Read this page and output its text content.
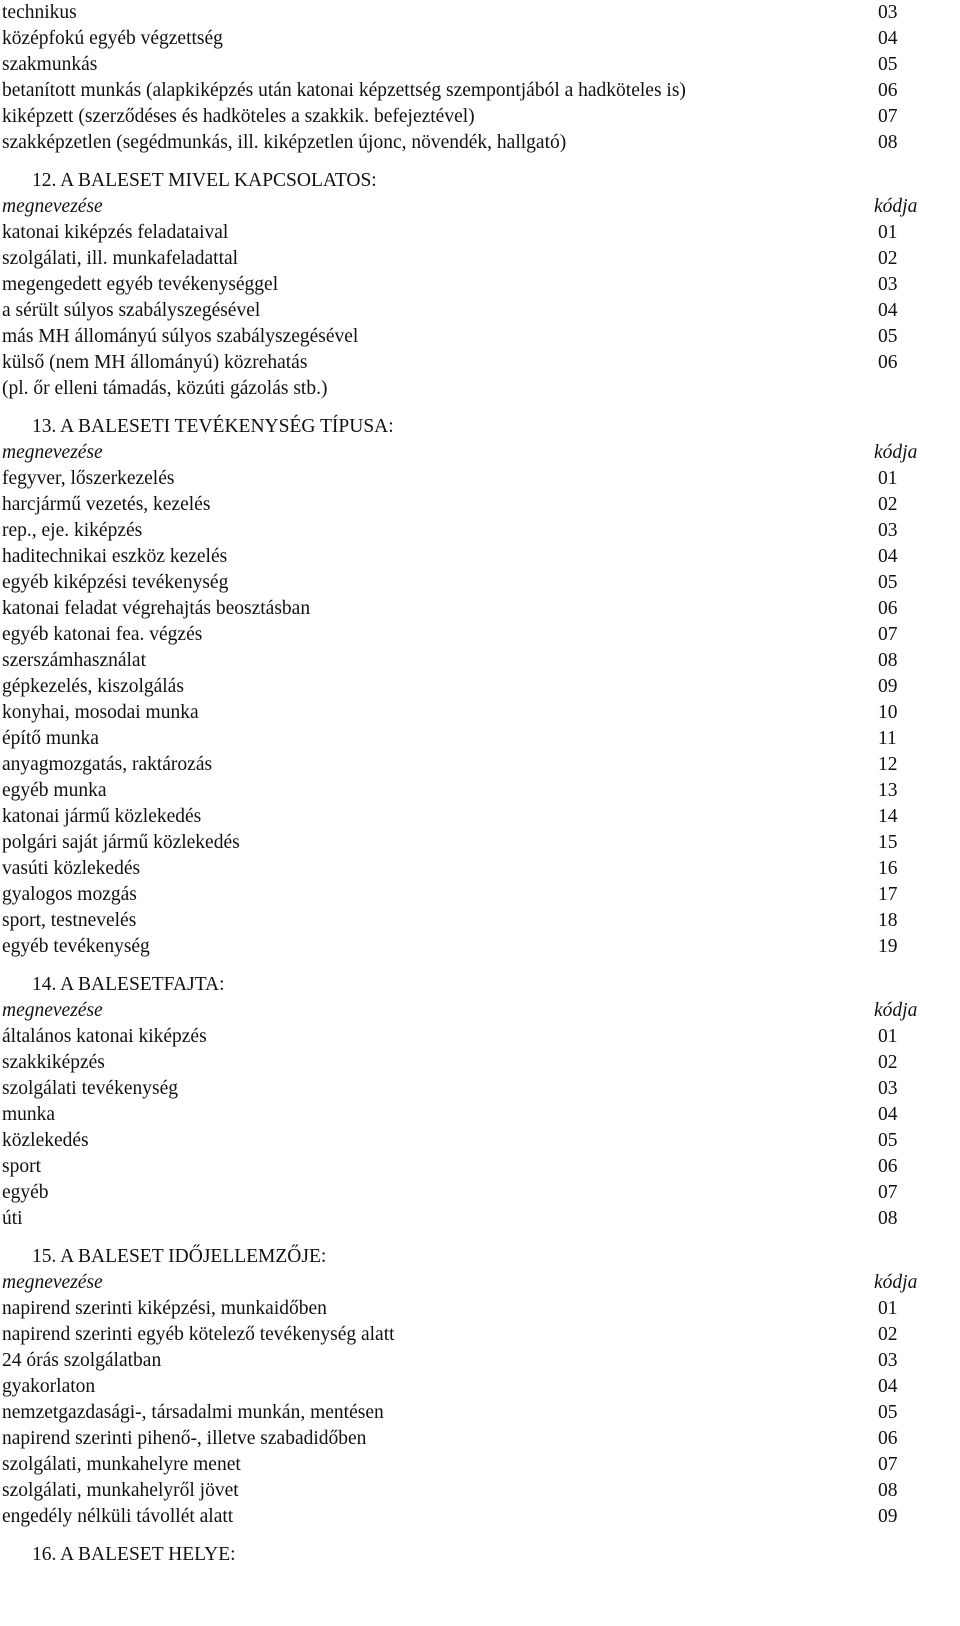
technikus	03
középfokú egyéb végzettség	04
szakmunkás	05
betanított munkás (alapkiképzés után katonai képzettség szempontjából a hadköteles is)	06
kiképzett (szerződéses és hadköteles a szakkik. befejeztével)	07
szakképzetlen (segédmunkás, ill. kiképzetlen újonc, növendék, hallgató)	08
12. A BALESET MIVEL KAPCSOLATOS:
megnevezése	kódja
katonai kiképzés feladataival	01
szolgálati, ill. munkafeladattal	02
megengedett egyéb tevékenységgel	03
a sérült súlyos szabályszegésével	04
más MH állományú súlyos szabályszegésével	05
külső (nem MH állományú) közrehatás	06
(pl. őr elleni támadás, közúti gázolás stb.)
13. A BALESETI TEVÉKENYSÉG TÍPUSA:
megnevezése	kódja
fegyver, lőszerkezelés	01
harcjármű vezetés, kezelés	02
rep., eje. kiképzés	03
haditechnikai eszköz kezelés	04
egyéb kiképzési tevékenység	05
katonai feladat végrehajtás beosztásban	06
egyéb katonai fea. végzés	07
szerszámhasználat	08
gépkezelés, kiszolgálás	09
konyhai, mosodai munka	10
építő munka	11
anyagmozgatás, raktározás	12
egyéb munka	13
katonai jármű közlekedés	14
polgári saját jármű közlekedés	15
vasúti közlekedés	16
gyalogos mozgás	17
sport, testnevelés	18
egyéb tevékenység	19
14. A BALESETFAJTA:
megnevezése	kódja
általános katonai kiképzés	01
szakkiképzés	02
szolgálati tevékenység	03
munka	04
közlekedés	05
sport	06
egyéb	07
úti	08
15. A BALESET IDŐJELLEMZŐJE:
megnevezése	kódja
napirend szerinti kiképzési, munkaidőben	01
napirend szerinti egyéb kötelező tevékenység alatt	02
24 órás szolgálatban	03
gyakorlaton	04
nemzetgazdasági-, társadalmi munkán, mentésen	05
napirend szerinti pihenő-, illetve szabadidőben	06
szolgálati, munkahelyre menet	07
szolgálati, munkahelyről jövet	08
engedély nélküli távollét alatt	09
16. A BALESET HELYE:
